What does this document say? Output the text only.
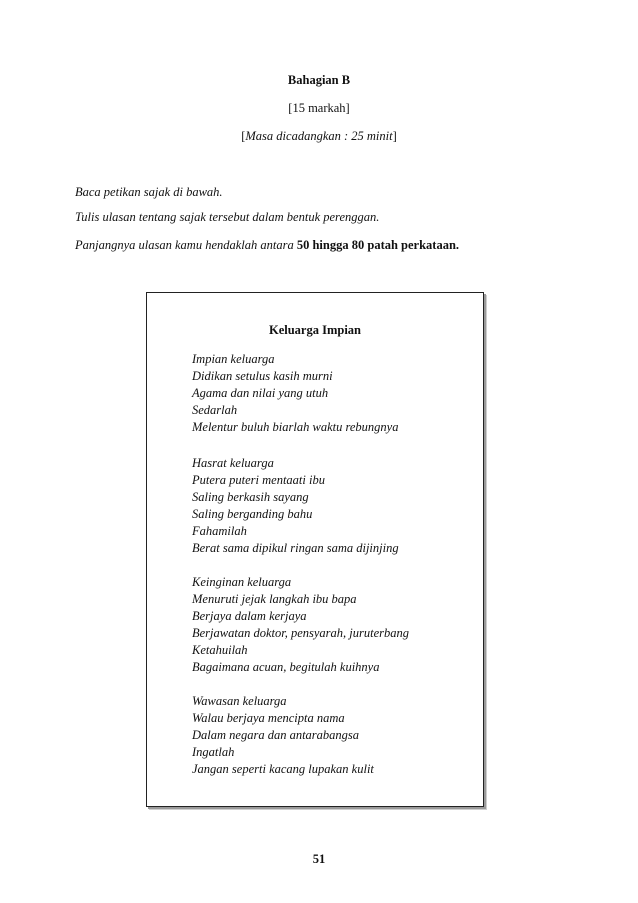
Bahagian B
[15 markah]
[Masa dicadangkan : 25 minit]
Baca petikan sajak di bawah.
Tulis ulasan tentang sajak tersebut dalam bentuk perenggan.
Panjangnya ulasan kamu hendaklah antara 50 hingga 80 patah perkataan.
Keluarga Impian
Impian keluarga
Didikan setulus kasih murni
Agama dan nilai yang utuh
Sedarlah
Melentur buluh biarlah waktu rebungnya
Hasrat keluarga
Putera puteri mentaati ibu
Saling berkasih sayang
Saling berganding bahu
Fahamilah
Berat sama dipikul ringan sama dijinjing
Keinginan keluarga
Menuruti jejak langkah ibu bapa
Berjaya dalam kerjaya
Berjawatan doktor, pensyarah, juruterbang
Ketahuilah
Bagaimana acuan, begitulah kuihnya
Wawasan keluarga
Walau berjaya mencipta nama
Dalam negara dan antarabangsa
Ingatlah
Jangan seperti kacang lupakan kulit
51
